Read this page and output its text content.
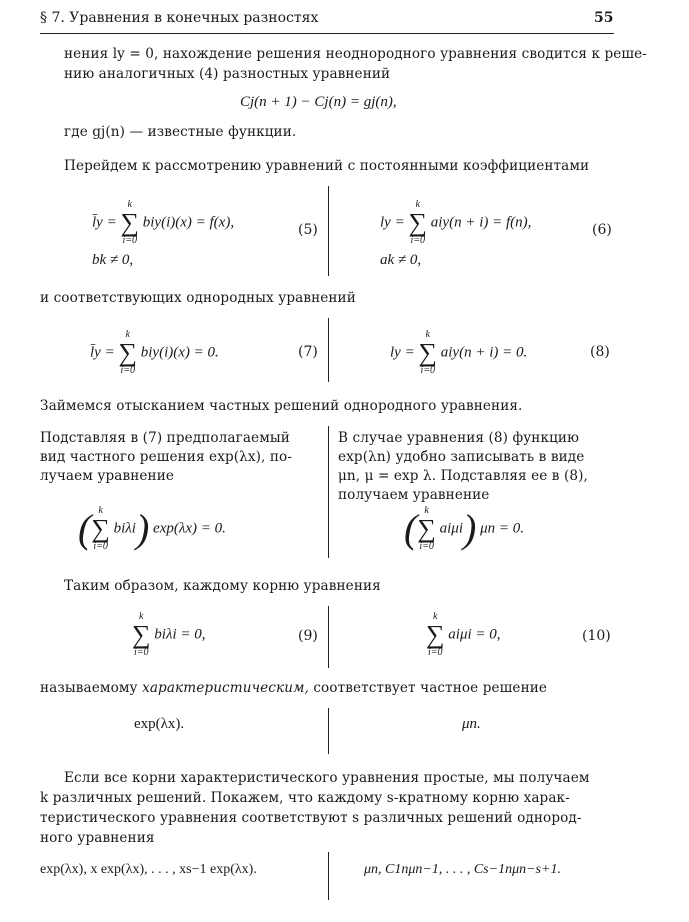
§ 7. Уравнения в конечных разностях	55
нения ly = 0, нахождение решения неоднородного уравнения сводится к реше-
нию аналогичных (4) разностных уравнений
Cj(n + 1) − Cj(n) = gj(n),
где gj(n) — известные функции.
Перейдем к рассмотрению уравнений с постоянными коэффициентами
l̄y =
k
∑
i=0
biy(i)(x) = f(x),	(5)
bk ≠ 0,
ly =
k
∑
i=0
aiy(n + i) = f(n),	(6)
ak ≠ 0,
и соответствующих однородных уравнений
l̄y =
k
∑
i=0
biy(i)(x) = 0.	(7)	ly =
k
∑
i=0
aiy(n + i) = 0.	(8)
Займемся отысканием частных решений однородного уравнения.
Подставляя в (7) предполагаемый
вид частного решения exp(λx), по-
лучаем уравнение
В случае уравнения (8) функцию
exp(λn) удобно записывать в виде
μn, μ = exp λ. Подставляя ее в (8),
получаем уравнение
( k
∑
i=0
biλi) exp(λx) = 0.	( k
∑
i=0
aiμi) μn = 0.
Таким образом, каждому корню уравнения
k
∑
i=0
biλi = 0,	(9)
k
∑
i=0
aiμi = 0,	(10)
называемому характеристическим, соответствует частное решение
exp(λx).	μn.
Если все корни характеристического уравнения простые, мы получаем
k различных решений. Покажем, что каждому s-кратному корню харак-
теристического уравнения соответствуют s различных решений однород-
ного уравнения
exp(λx), x exp(λx), . . . , xs−1 exp(λx).	μn, C1nμn−1, . . . , Cs−1nμn−s+1.
